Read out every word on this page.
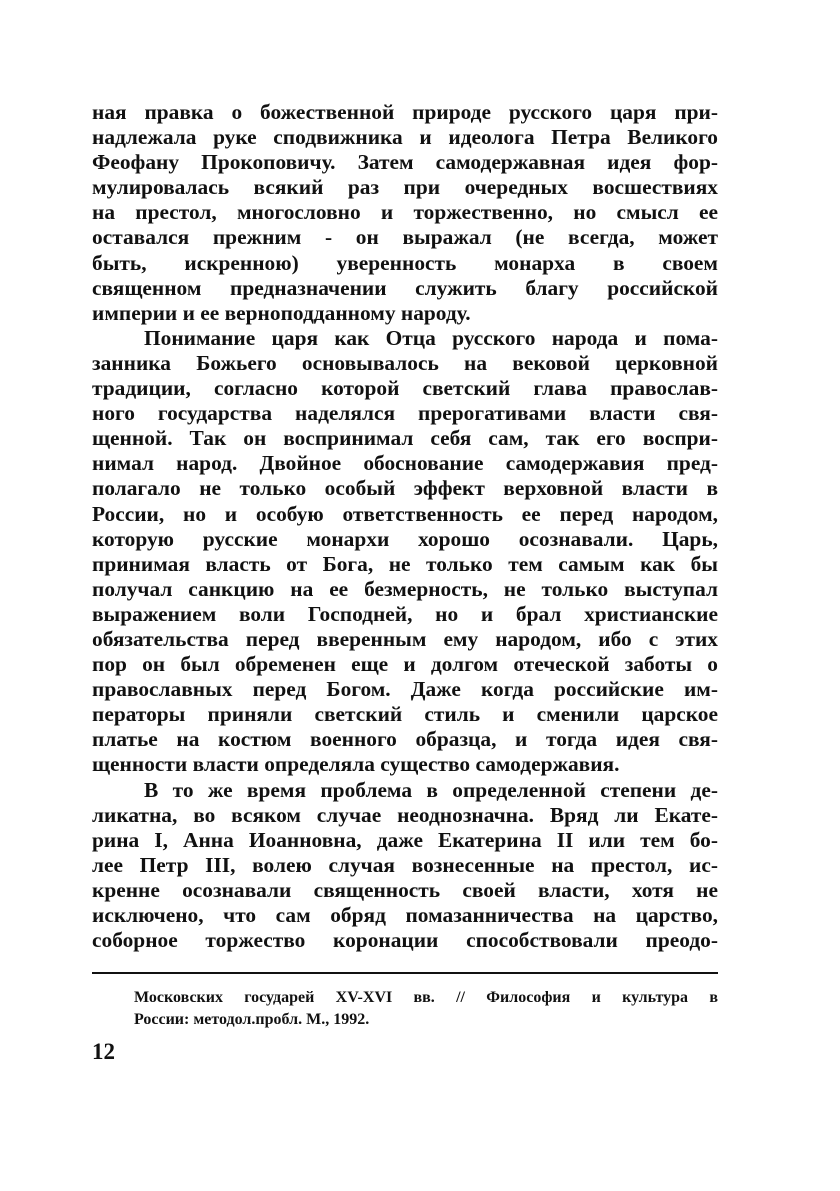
ная правка о божественной природе русского царя при-
надлежала руке сподвижника и идеолога Петра Великого
Феофану Прокоповичу. Затем самодержавная идея фор-
мулировалась всякий раз при очередных восшествиях
на престол, многословно и торжественно, но смысл ее
оставался прежним - он выражал (не всегда, может
быть, искренною) уверенность монарха в своем
священном предназначении служить благу российской
империи и ее верноподданному народу.

Понимание царя как Отца русского народа и пома-
занника Божьего основывалось на вековой церковной
традиции, согласно которой светский глава православ-
ного государства наделялся прерогативами власти свя-
щенной. Так он воспринимал себя сам, так его воспри-
нимал народ. Двойное обоснование самодержавия пред-
полагало не только особый эффект верховной власти в
России, но и особую ответственность ее перед народом,
которую русские монархи хорошо осознавали. Царь,
принимая власть от Бога, не только тем самым как бы
получал санкцию на ее безмерность, не только выступал
выражением воли Господней, но и брал христианские
обязательства перед вверенным ему народом, ибо с этих
пор он был обременен еще и долгом отеческой заботы о
православных перед Богом. Даже когда российские им-
ператоры приняли светский стиль и сменили царское
платье на костюм военного образца, и тогда идея свя-
щенности власти определяла существо самодержавия.

В то же время проблема в определенной степени де-
ликатна, во всяком случае неоднозначна. Вряд ли Екате-
рина I, Анна Иоанновна, даже Екатерина II или тем бо-
лее Петр III, волею случая вознесенные на престол, ис-
кренне осознавали священность своей власти, хотя не
исключено, что сам обряд помазанничества на царство,
соборное торжество коронации способствовали преодо-

Московских государей XV-XVI вв. // Философия и культура в
России: методол.пробл. М., 1992.
12
